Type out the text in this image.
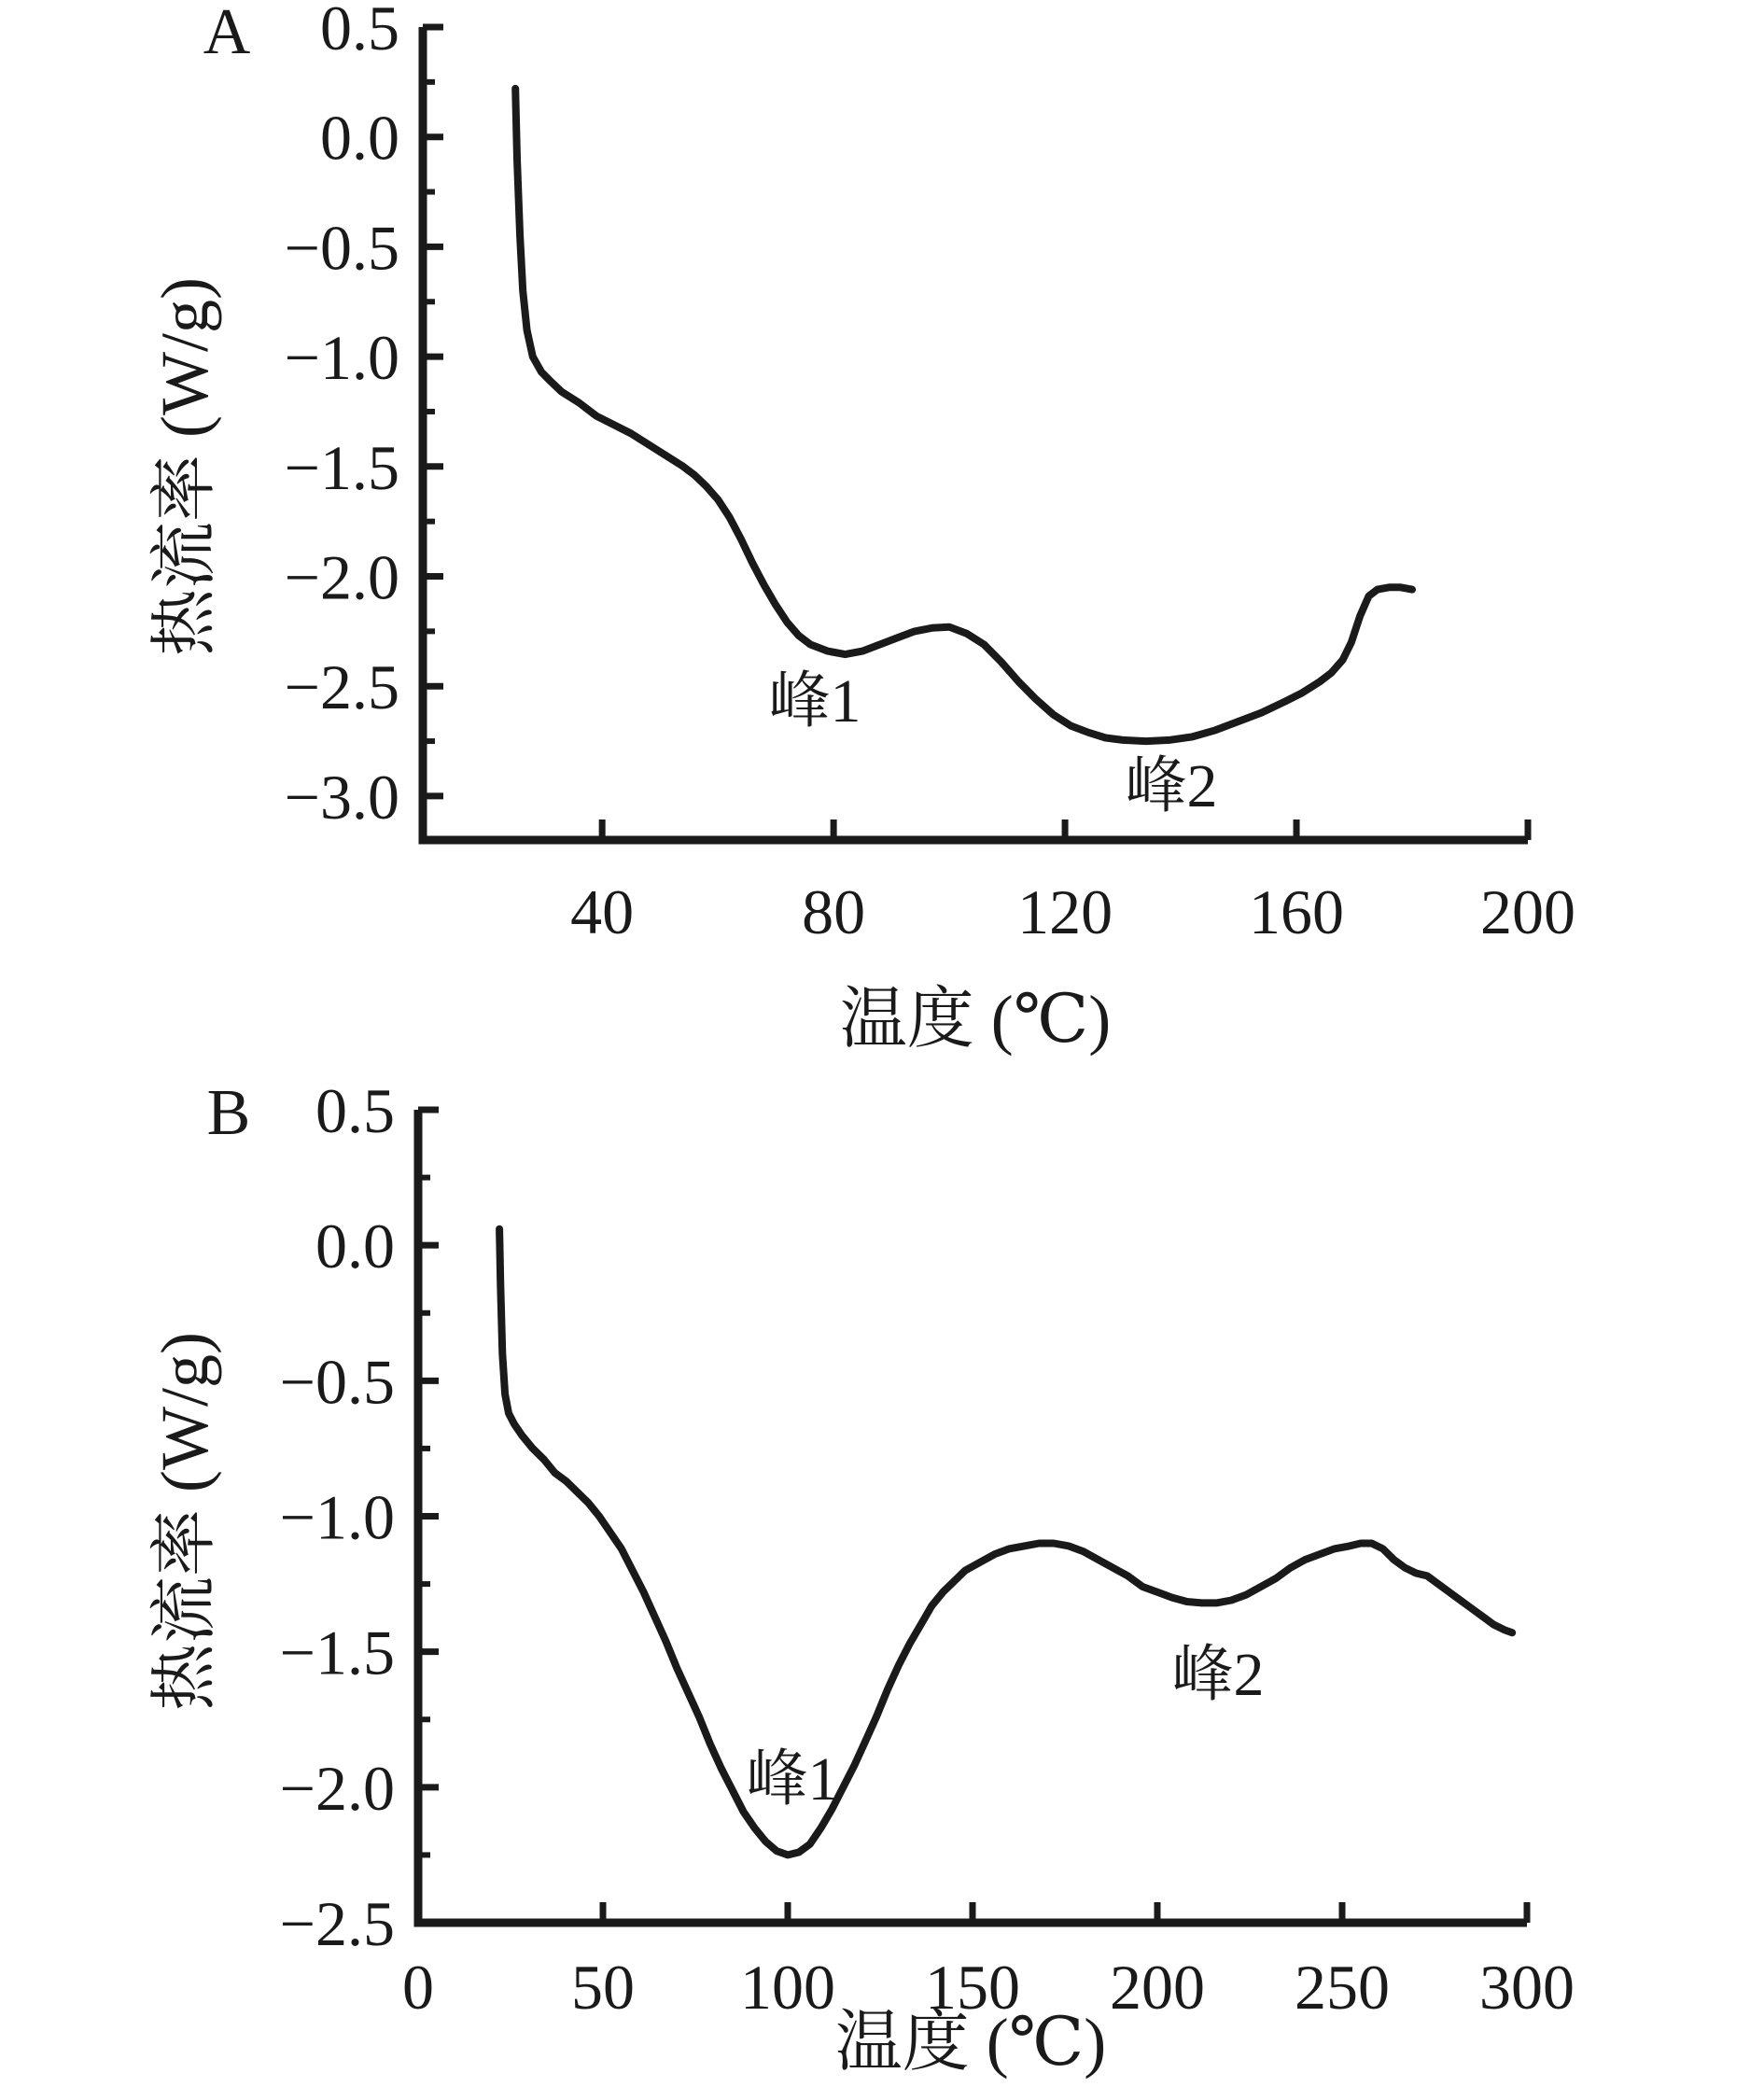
0.5
0.0
−0.5
−1.0
−1.5
−2.0
−2.5
−3.0
40	80 120 160 200
0.5
0.0
−0.5
−1.0
−1.5
−2.0
−2.5
0 50 100 150 200 250 300
A
热流率 (W/g)
温度 (℃)
峰1
峰2
B
热流率 (W/g)
温度 (℃)
峰1
峰2
